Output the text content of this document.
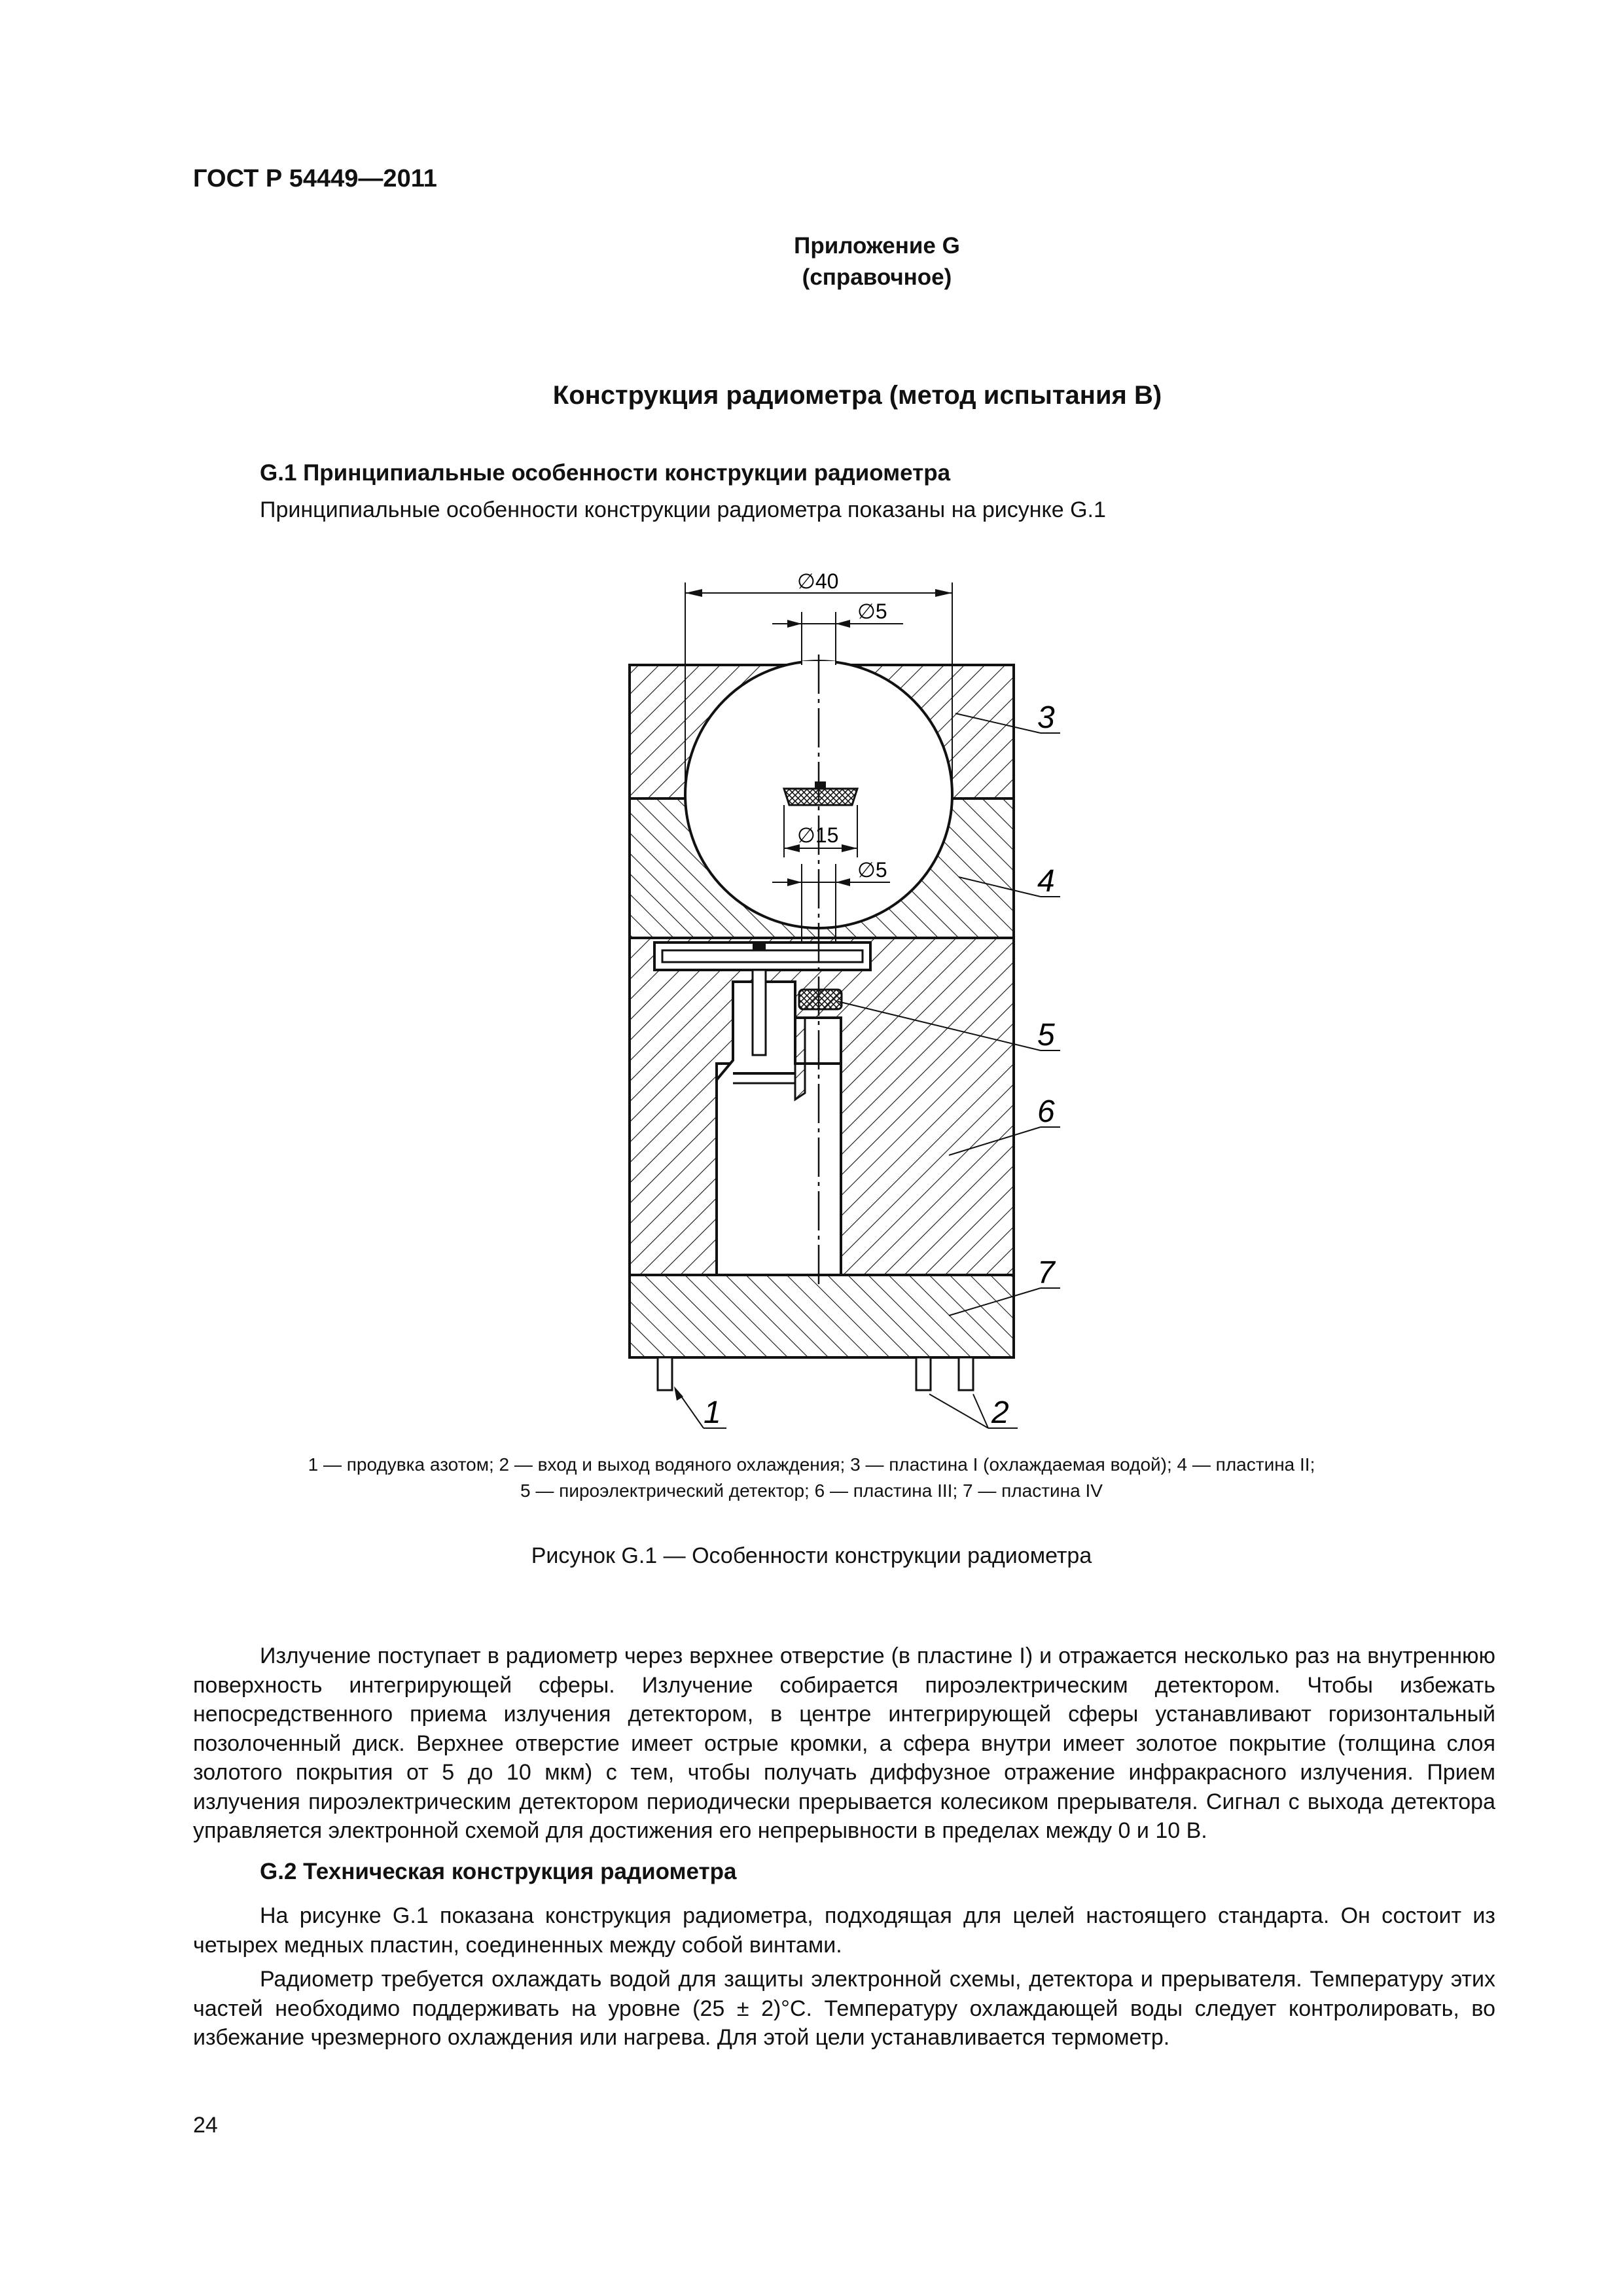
ГОСТ Р 54449—2011
Приложение G
(справочное)
Конструкция радиометра (метод испытания В)
G.1 Принципиальные особенности конструкции радиометра
Принципиальные особенности конструкции радиометра показаны на рисунке G.1
∅40
∅5
∅15
∅5
3
4
5
6
7
1	2
1 — продувка азотом; 2 — вход и выход водяного охлаждения; 3 — пластина I (охлаждаемая водой); 4 — пластина II;
5 — пироэлектрический детектор; 6 — пластина III; 7 — пластина IV
Рисунок G.1 — Особенности конструкции радиометра

Излучение поступает в радиометр через верхнее отверстие (в пластине I) и отражается несколько раз на внутреннюю поверхность интегрирующей сферы. Излучение собирается пироэлектрическим детектором. Чтобы избежать непосредственного приема излучения детектором, в центре интегрирующей сферы устанавливают горизонтальный позолоченный диск. Верхнее отверстие имеет острые кромки, а сфера внутри имеет золотое покрытие (толщина слоя золотого покрытия от 5 до 10 мкм) с тем, чтобы получать диффузное отражение инфракрасного излучения. Прием излучения пироэлектрическим детектором периодически прерывается колесиком прерывателя. Сигнал с выхода детектора управляется электронной схемой для достижения его непрерывности в пределах между 0 и 10 В.

G.2 Техническая конструкция радиометра

На рисунке G.1 показана конструкция радиометра, подходящая для целей настоящего стандарта. Он состоит из четырех медных пластин, соединенных между собой винтами.

Радиометр требуется охлаждать водой для защиты электронной схемы, детектора и прерывателя. Температуру этих частей необходимо поддерживать на уровне (25 ± 2)°С. Температуру охлаждающей воды следует контролировать, во избежание чрезмерного охлаждения или нагрева. Для этой цели устанавливается термометр.

24
